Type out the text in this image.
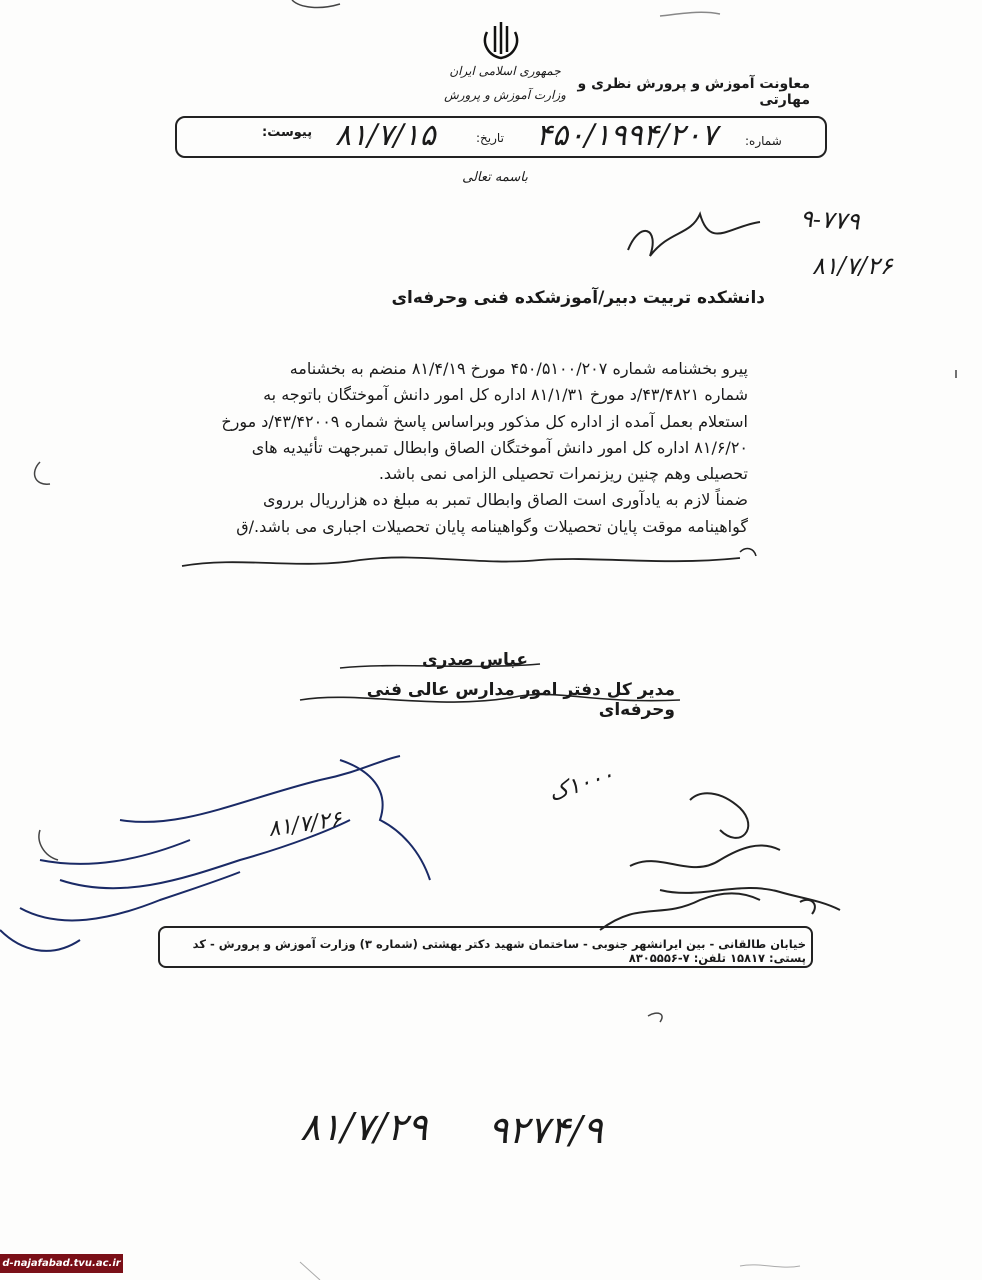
جمهوری اسلامی ایران
وزارت آموزش و پرورش
معاونت آموزش و پرورش نظری و مهارتی
شماره:
۴۵۰/۱۹۹۴/۲۰۷
تاریخ:
۸۱/۷/۱۵
پیوست:
باسمه تعالی
۹-۷۷۹
۸۱/۷/۲۶
دانشکده تربیت دبیر/آموزشکده فنی وحرفه‌ای
پیرو بخشنامه شماره ۴۵۰/۵۱۰۰/۲۰۷ مورخ ۸۱/۴/۱۹ منضم به بخشنامه
شماره ۴۳/۴۸۲۱/د مورخ ۸۱/۱/۳۱ اداره کل امور دانش آموختگان باتوجه به
استعلام بعمل آمده از اداره کل مذکور وبراساس پاسخ شماره ۴۳/۴۲۰۰۹/د مورخ
۸۱/۶/۲۰ اداره کل امور دانش آموختگان الصاق وابطال تمبرجهت تأئیدیه های
تحصیلی وهم چنین ریزنمرات تحصیلی الزامی نمی باشد.
ضمناً لازم به یادآوری است الصاق وابطال تمبر به مبلغ ده هزارریال برروی
گواهینامه موقت پایان تحصیلات وگواهینامه پایان تحصیلات اجباری می باشد./ق
عباس صدری
مدیر کل دفتر امور مدارس عالی فنی وحرفه‌ای
۱۰۰۰ک
۸۱/۷/۲۶
خیابان طالقانی - بین ایرانشهر جنوبی - ساختمان شهید دکتر بهشتی (شماره ۳) وزارت آموزش و پرورش - کد پستی: ۱۵۸۱۷ تلفن: ۷-۸۳۰۵۵۵۶
۸۱/۷/۲۹ ۹۲۷۴/۹
d-najafabad.tvu.ac.ir
